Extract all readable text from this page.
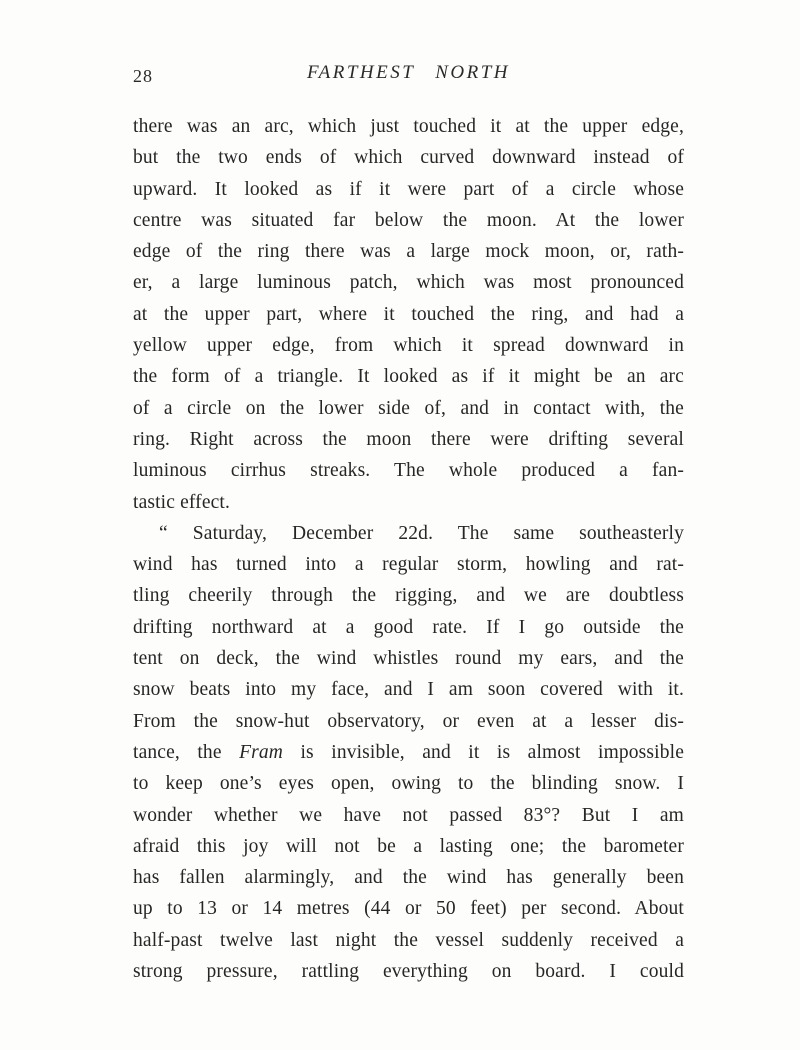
28	FARTHEST NORTH
there was an arc, which just touched it at the upper edge,
but the two ends of which curved downward instead of
upward. It looked as if it were part of a circle whose
centre was situated far below the moon. At the lower
edge of the ring there was a large mock moon, or, rath-
er, a large luminous patch, which was most pronounced
at the upper part, where it touched the ring, and had a
yellow upper edge, from which it spread downward in
the form of a triangle. It looked as if it might be an arc
of a circle on the lower side of, and in contact with, the
ring. Right across the moon there were drifting several
luminous cirrhus streaks. The whole produced a fan-
tastic effect.
“ Saturday, December 22d. The same southeasterly
wind has turned into a regular storm, howling and rat-
tling cheerily through the rigging, and we are doubtless
drifting northward at a good rate. If I go outside the
tent on deck, the wind whistles round my ears, and the
snow beats into my face, and I am soon covered with it.
From the snow-hut observatory, or even at a lesser dis-
tance, the Fram is invisible, and it is almost impossible
to keep one’s eyes open, owing to the blinding snow. I
wonder whether we have not passed 83°? But I am
afraid this joy will not be a lasting one; the barometer
has fallen alarmingly, and the wind has generally been
up to 13 or 14 metres (44 or 50 feet) per second. About
half-past twelve last night the vessel suddenly received a
strong pressure, rattling everything on board. I could
